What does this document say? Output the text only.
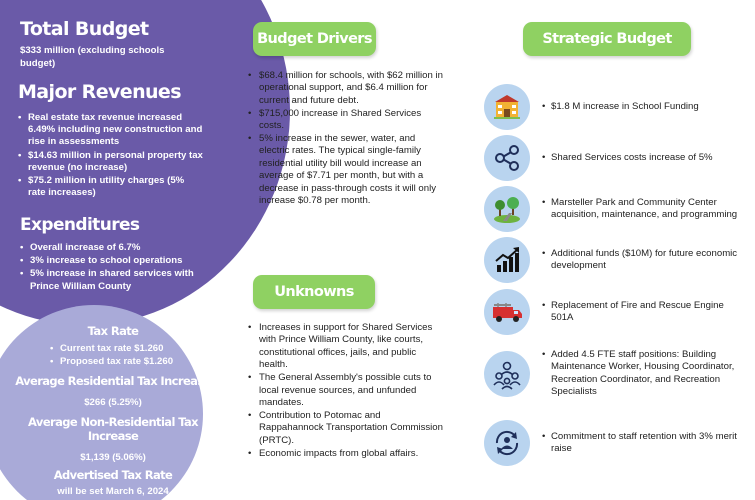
Total Budget
$333 million (excluding schools budget)
Major Revenues
• Real estate tax revenue increased 6.49% including new construction and rise in assessments
• $14.63 million in personal property tax revenue (no increase)
• $75.2 million in utility charges (5% rate increases)
Expenditures
• Overall increase of 6.7%
• 3% increase to school operations
• 5% increase in shared services with Prince William County
Tax Rate
• Current tax rate $1.260
• Proposed tax rate $1.260
Average Residential Tax Increase
$266 (5.25%)
Average Non-Residential Tax Increase
$1,139 (5.06%)
Advertised Tax Rate
will be set March 6, 2024
Budget Drivers
• $68.4 million for schools, with $62 million in operational support, and $6.4 million for current and future debt.
• $715,000 increase in Shared Services costs.
• 5% increase in the sewer, water, and electric rates. The typical single-family residential utility bill would increase an average of $7.71 per month, but with a decrease in pass-through costs it will only increase $0.78 per month.
Unknowns
• Increases in support for Shared Services with Prince William County, like courts, constitutional offices, jails, and public health.
• The General Assembly's possible cuts to local revenue sources, and unfunded mandates.
• Contribution to Potomac and Rappahannock Transportation Commission (PRTC).
• Economic impacts from global affairs.
Strategic Budget Priorities
• $1.8 M increase in School Funding
• Shared Services costs increase of 5%
• Marsteller Park and Community Center acquisition, maintenance, and programming
• Additional funds ($10M) for future economic development
• Replacement of Fire and Rescue Engine 501A
• Added 4.5 FTE staff positions: Building Maintenance Worker, Housing Coordinator, Recreation Coordinator, and Recreation Specialists
• Commitment to staff retention with 3% merit raise
